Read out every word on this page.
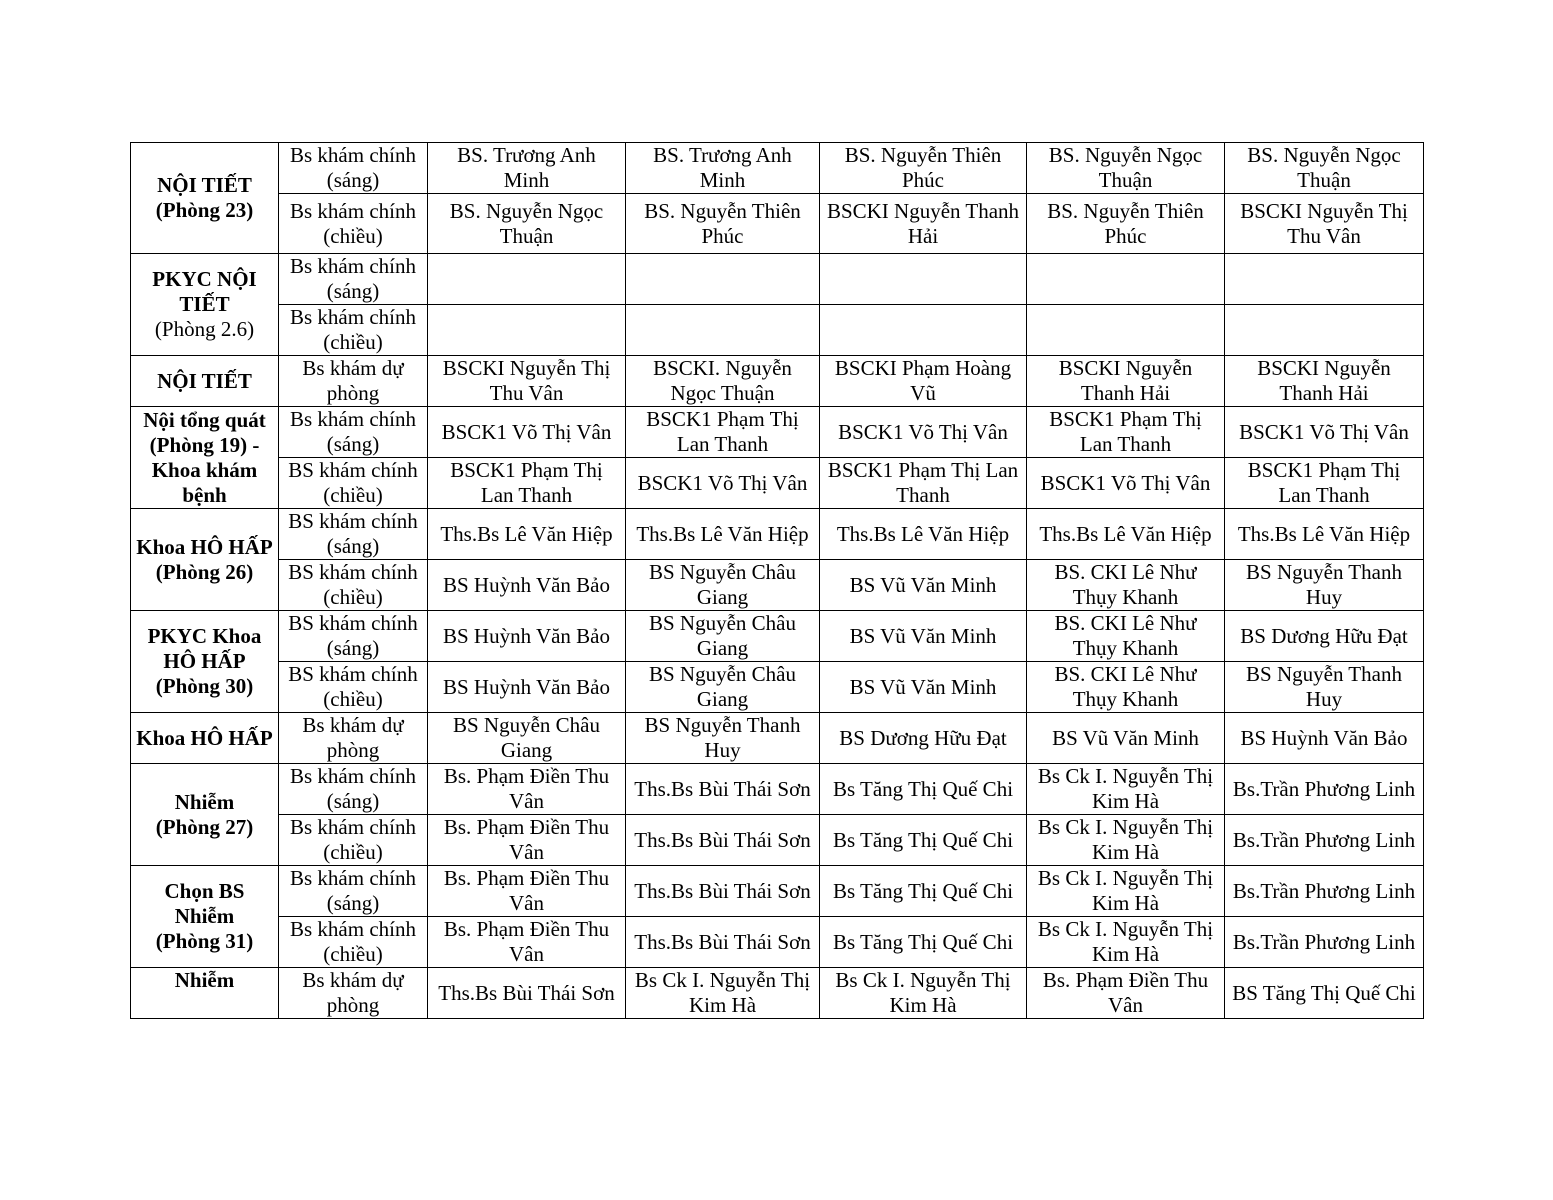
NỘI TIẾT
(Phòng 23)	Bs khám chính (sáng)	BS. Trương Anh Minh	BS. Trương Anh Minh	BS. Nguyễn Thiên Phúc	BS. Nguyễn Ngọc Thuận	BS. Nguyễn Ngọc Thuận
	Bs khám chính (chiều)	BS. Nguyễn Ngọc Thuận	BS. Nguyễn Thiên Phúc	BSCKI Nguyễn Thanh Hải	BS. Nguyễn Thiên Phúc	BSCKI Nguyễn Thị Thu Vân
PKYC NỘI TIẾT
(Phòng 2.6)	Bs khám chính (sáng)					
	Bs khám chính (chiều)					
NỘI TIẾT	Bs khám dự phòng	BSCKI Nguyễn Thị Thu Vân	BSCKI. Nguyễn Ngọc Thuận	BSCKI Phạm Hoàng Vũ	BSCKI Nguyễn Thanh Hải	BSCKI Nguyễn Thanh Hải
Nội tổng quát (Phòng 19) - Khoa khám bệnh	Bs khám chính (sáng)	BSCK1 Võ Thị Vân	BSCK1 Phạm Thị Lan Thanh	BSCK1 Võ Thị Vân	BSCK1 Phạm Thị Lan Thanh	BSCK1 Võ Thị Vân
	BS khám chính (chiều)	BSCK1 Phạm Thị Lan Thanh	BSCK1 Võ Thị Vân	BSCK1 Phạm Thị Lan Thanh	BSCK1 Võ Thị Vân	BSCK1 Phạm Thị Lan Thanh
Khoa HÔ HẤP
(Phòng 26)	BS khám chính (sáng)	Ths.Bs Lê Văn Hiệp	Ths.Bs Lê Văn Hiệp	Ths.Bs Lê Văn Hiệp	Ths.Bs Lê Văn Hiệp	Ths.Bs Lê Văn Hiệp
	BS khám chính (chiều)	BS Huỳnh Văn Bảo	BS Nguyễn Châu Giang	BS Vũ Văn Minh	BS. CKI Lê Như Thụy Khanh	BS Nguyễn Thanh Huy
PKYC Khoa HÔ HẤP
(Phòng 30)	BS khám chính (sáng)	BS Huỳnh Văn Bảo	BS Nguyễn Châu Giang	BS Vũ Văn Minh	BS. CKI Lê Như Thụy Khanh	BS Dương Hữu Đạt
	BS khám chính (chiều)	BS Huỳnh Văn Bảo	BS Nguyễn Châu Giang	BS Vũ Văn Minh	BS. CKI Lê Như Thụy Khanh	BS Nguyễn Thanh Huy
Khoa HÔ HẤP	Bs khám dự phòng	BS Nguyễn Châu Giang	BS Nguyễn Thanh Huy	BS Dương Hữu Đạt	BS Vũ Văn Minh	BS Huỳnh Văn Bảo
Nhiễm
(Phòng 27)	Bs khám chính (sáng)	Bs. Phạm Điền Thu Vân	Ths.Bs Bùi Thái Sơn	Bs Tăng Thị Quế Chi	Bs Ck I. Nguyễn Thị Kim Hà	Bs.Trần Phương Linh
	Bs khám chính (chiều)	Bs. Phạm Điền Thu Vân	Ths.Bs Bùi Thái Sơn	Bs Tăng Thị Quế Chi	Bs Ck I. Nguyễn Thị Kim Hà	Bs.Trần Phương Linh
Chọn BS Nhiễm
(Phòng 31)	Bs khám chính (sáng)	Bs. Phạm Điền Thu Vân	Ths.Bs Bùi Thái Sơn	Bs Tăng Thị Quế Chi	Bs Ck I. Nguyễn Thị Kim Hà	Bs.Trần Phương Linh
	Bs khám chính (chiều)	Bs. Phạm Điền Thu Vân	Ths.Bs Bùi Thái Sơn	Bs Tăng Thị Quế Chi	Bs Ck I. Nguyễn Thị Kim Hà	Bs.Trần Phương Linh
Nhiễm	Bs khám dự phòng	Ths.Bs Bùi Thái Sơn	Bs Ck I. Nguyễn Thị Kim Hà	Bs Ck I. Nguyễn Thị Kim Hà	Bs. Phạm Điền Thu Vân	BS Tăng Thị Quế Chi
